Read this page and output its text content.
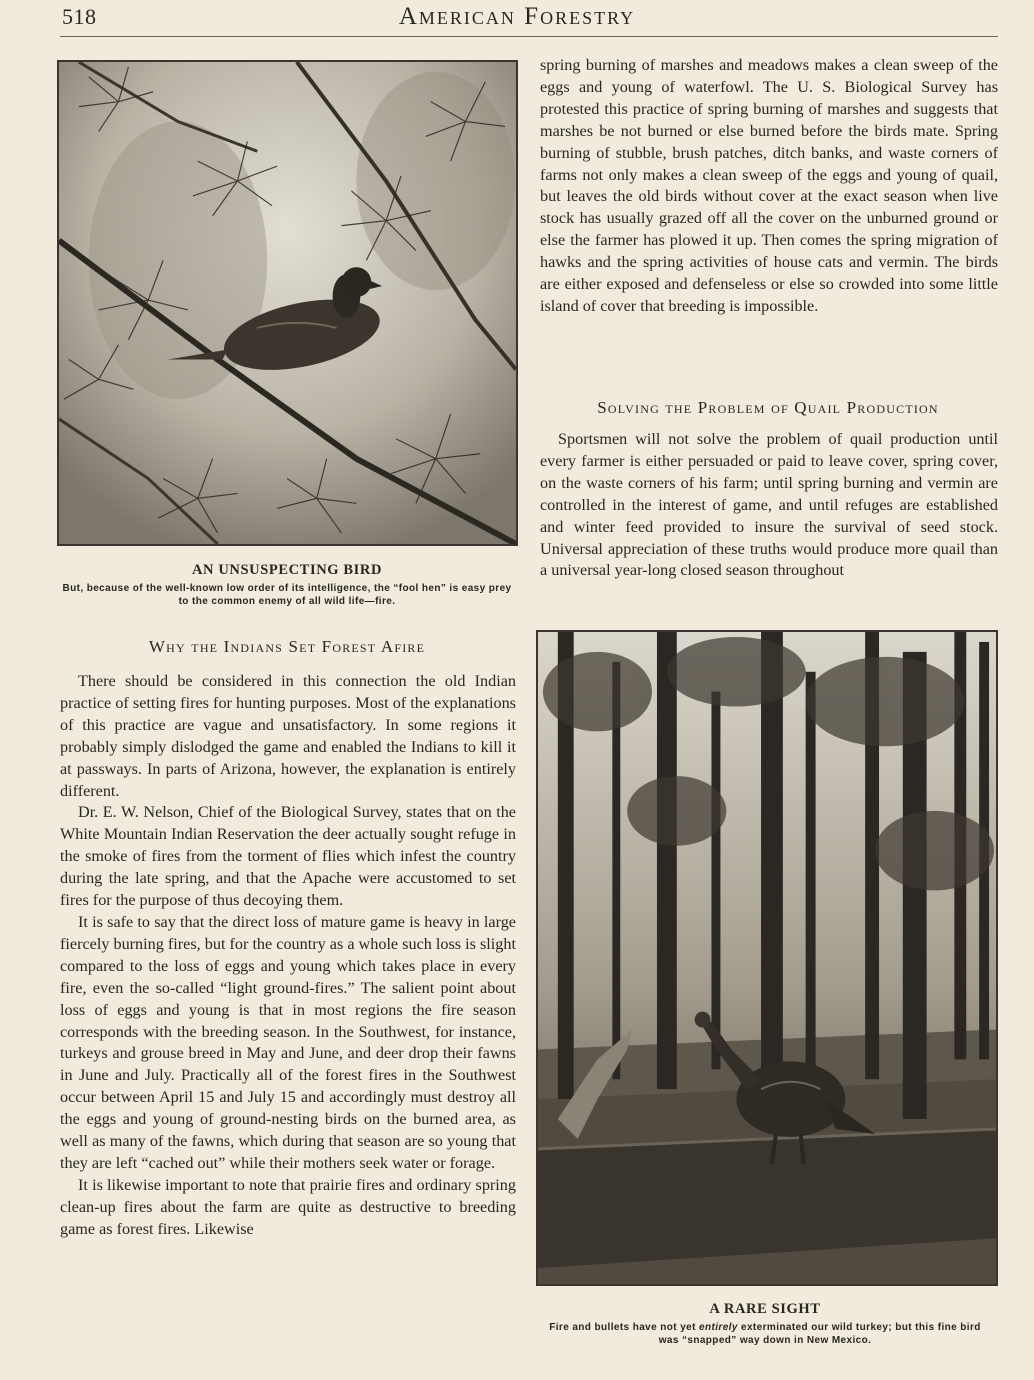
518	American Forestry
AN UNSUSPECTING BIRD
But, because of the well-known low order of its intelligence, the “fool hen” is easy prey to the common enemy of all wild life—fire.
Why the Indians Set Forest Afire

There should be considered in this connection the old Indian practice of setting fires for hunting purposes. Most of the explanations of this practice are vague and unsatisfactory. In some regions it probably simply dislodged the game and enabled the Indians to kill it at passways. In parts of Arizona, however, the explanation is entirely different.

Dr. E. W. Nelson, Chief of the Biological Survey, states that on the White Mountain Indian Reservation the deer actually sought refuge in the smoke of fires from the torment of flies which infest the country during the late spring, and that the Apache were accustomed to set fires for the purpose of thus decoying them.

It is safe to say that the direct loss of mature game is heavy in large fiercely burning fires, but for the country as a whole such loss is slight compared to the loss of eggs and young which takes place in every fire, even the so-called “light ground-fires.” The salient point about loss of eggs and young is that in most regions the fire season corresponds with the breeding season. In the Southwest, for instance, turkeys and grouse breed in May and June, and deer drop their fawns in June and July. Practically all of the forest fires in the Southwest occur between April 15 and July 15 and accordingly must destroy all the eggs and young of ground-nesting birds on the burned area, as well as many of the fawns, which during that season are so young that they are left “cached out” while their mothers seek water or forage.

It is likewise important to note that prairie fires and ordinary spring clean-up fires about the farm are quite as destructive to breeding game as forest fires. Likewise

spring burning of marshes and meadows makes a clean sweep of the eggs and young of waterfowl. The U. S. Biological Survey has protested this practice of spring burning of marshes and suggests that marshes be not burned or else burned before the birds mate. Spring burning of stubble, brush patches, ditch banks, and waste corners of farms not only makes a clean sweep of the eggs and young of quail, but leaves the old birds without cover at the exact season when live stock has usually grazed off all the cover on the unburned ground or else the farmer has plowed it up. Then comes the spring migration of hawks and the spring activities of house cats and vermin. The birds are either exposed and defenseless or else so crowded into some little island of cover that breeding is impossible.

Solving the Problem of Quail Production

Sportsmen will not solve the problem of quail production until every farmer is either persuaded or paid to leave cover, spring cover, on the waste corners of his farm; until spring burning and vermin are controlled in the interest of game, and until refuges are established and winter feed provided to insure the survival of seed stock. Universal appreciation of these truths would produce more quail than a universal year-long closed season throughout

A RARE SIGHT
Fire and bullets have not yet entirely exterminated our wild turkey; but this fine bird was “snapped” way down in New Mexico.
